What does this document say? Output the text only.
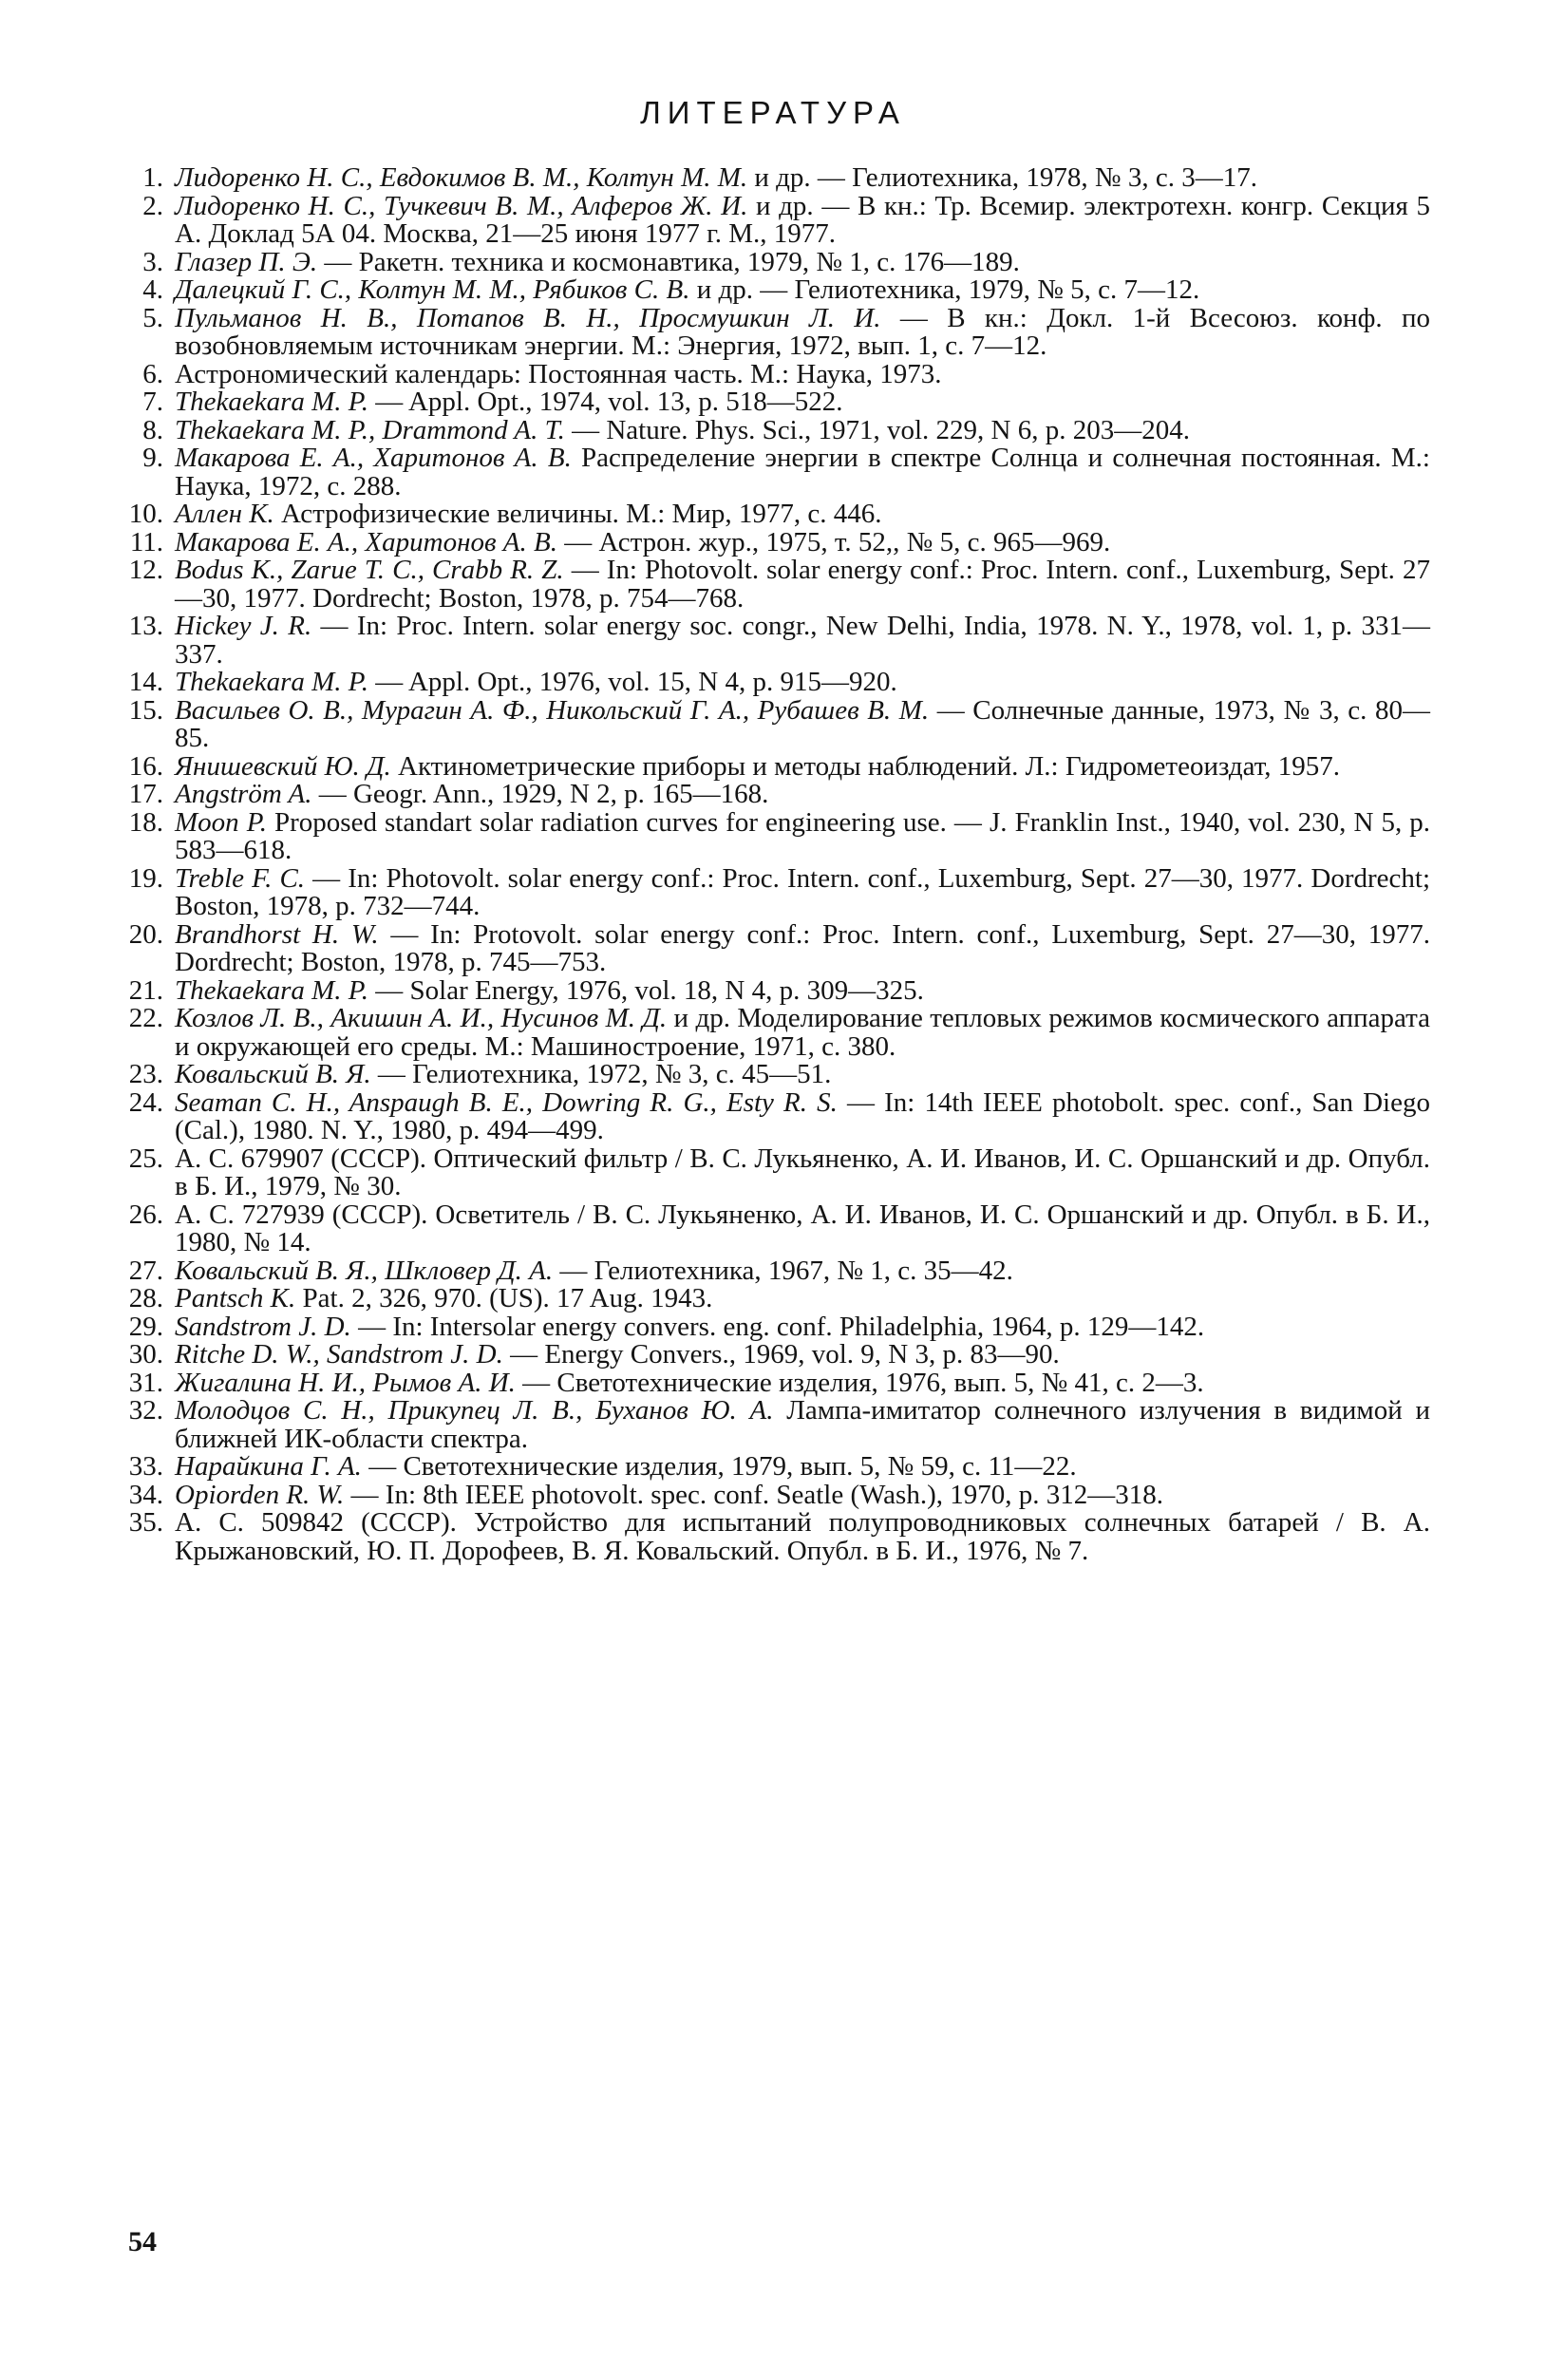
ЛИТЕРАТУРА
1. Лидоренко Н. С., Евдокимов В. М., Колтун М. М. и др. — Гелиотехника, 1978, № 3, с. 3—17.
2. Лидоренко Н. С., Тучкевич В. М., Алферов Ж. И. и др. — В кн.: Тр. Всемир. электротехн. конгр. Секция 5 А. Доклад 5А 04. Москва, 21—25 июня 1977 г. М., 1977.
3. Глазер П. Э. — Ракетн. техника и космонавтика, 1979, № 1, с. 176—189.
4. Далецкий Г. С., Колтун М. М., Рябиков С. В. и др. — Гелиотехника, 1979, № 5, с. 7—12.
5. Пульманов Н. В., Потапов В. Н., Просмушкин Л. И. — В кн.: Докл. 1-й Всесоюз. конф. по возобновляемым источникам энергии. М.: Энергия, 1972, вып. 1, с. 7—12.
6. Астрономический календарь: Постоянная часть. М.: Наука, 1973.
7. Thekaekara M. P. — Appl. Opt., 1974, vol. 13, p. 518—522.
8. Thekaekara M. P., Drammond A. T. — Nature. Phys. Sci., 1971, vol. 229, N 6, p. 203—204.
9. Макарова Е. А., Харитонов А. В. Распределение энергии в спектре Солнца и солнечная постоянная. М.: Наука, 1972, с. 288.
10. Аллен К. Астрофизические величины. М.: Мир, 1977, с. 446.
11. Макарова Е. А., Харитонов А. В. — Астрон. жур., 1975, т. 52,, № 5, с. 965—969.
12. Bodus K., Zarue T. C., Crabb R. Z. — In: Photovolt. solar energy conf.: Proc. Intern. conf., Luxemburg, Sept. 27—30, 1977. Dordrecht; Boston, 1978, p. 754—768.
13. Hickey J. R. — In: Proc. Intern. solar energy soc. congr., New Delhi, India, 1978. N. Y., 1978, vol. 1, p. 331—337.
14. Thekaekara M. P. — Appl. Opt., 1976, vol. 15, N 4, p. 915—920.
15. Васильев О. В., Мурагин А. Ф., Никольский Г. А., Рубашев В. М. — Солнечные данные, 1973, № 3, с. 80—85.
16. Янишевский Ю. Д. Актинометрические приборы и методы наблюдений. Л.: Гидрометеоиздат, 1957.
17. Angström A. — Geogr. Ann., 1929, N 2, p. 165—168.
18. Moon P. Proposed standart solar radiation curves for engineering use. — J. Franklin Inst., 1940, vol. 230, N 5, p. 583—618.
19. Treble F. C. — In: Photovolt. solar energy conf.: Proc. Intern. conf., Luxemburg, Sept. 27—30, 1977. Dordrecht; Boston, 1978, p. 732—744.
20. Brandhorst H. W. — In: Protovolt. solar energy conf.: Proc. Intern. conf., Luxemburg, Sept. 27—30, 1977. Dordrecht; Boston, 1978, p. 745—753.
21. Thekaekara M. P. — Solar Energy, 1976, vol. 18, N 4, p. 309—325.
22. Козлов Л. В., Акишин А. И., Нусинов М. Д. и др. Моделирование тепловых режимов космического аппарата и окружающей его среды. М.: Машиностроение, 1971, с. 380.
23. Ковальский В. Я. — Гелиотехника, 1972, № 3, с. 45—51.
24. Seaman C. H., Anspaugh B. E., Dowring R. G., Esty R. S. — In: 14th IEEE photobolt. spec. conf., San Diego (Cal.), 1980. N. Y., 1980, p. 494—499.
25. А. С. 679907 (СССР). Оптический фильтр / В. С. Лукьяненко, А. И. Иванов, И. С. Оршанский и др. Опубл. в Б. И., 1979, № 30.
26. А. С. 727939 (СССР). Осветитель / В. С. Лукьяненко, А. И. Иванов, И. С. Оршанский и др. Опубл. в Б. И., 1980, № 14.
27. Ковальский В. Я., Шкловер Д. А. — Гелиотехника, 1967, № 1, с. 35—42.
28. Pantsch K. Pat. 2, 326, 970. (US). 17 Aug. 1943.
29. Sandstrom J. D. — In: Intersolar energy convers. eng. conf. Philadelphia, 1964, p. 129—142.
30. Ritche D. W., Sandstrom J. D. — Energy Convers., 1969, vol. 9, N 3, p. 83—90.
31. Жигалина Н. И., Рымов А. И. — Светотехнические изделия, 1976, вып. 5, № 41, с. 2—3.
32. Молодцов С. Н., Прикупец Л. В., Буханов Ю. А. Лампа-имитатор солнечного излучения в видимой и ближней ИК-области спектра.
33. Нарайкина Г. А. — Светотехнические изделия, 1979, вып. 5, № 59, с. 11—22.
34. Opiorden R. W. — In: 8th IEEE photovolt. spec. conf. Seatle (Wash.), 1970, p. 312—318.
35. А. С. 509842 (СССР). Устройство для испытаний полупроводниковых солнечных батарей / В. А. Крыжановский, Ю. П. Дорофеев, В. Я. Ковальский. Опубл. в Б. И., 1976, № 7.
54
